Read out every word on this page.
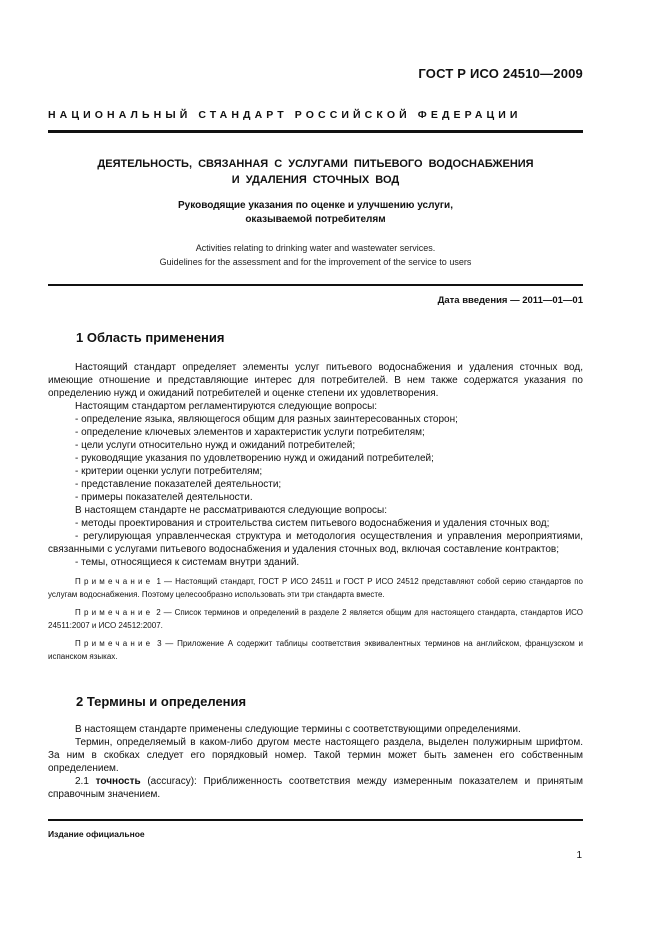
ГОСТ Р ИСО 24510—2009
НАЦИОНАЛЬНЫЙ СТАНДАРТ РОССИЙСКОЙ ФЕДЕРАЦИИ
ДЕЯТЕЛЬНОСТЬ, СВЯЗАННАЯ С УСЛУГАМИ ПИТЬЕВОГО ВОДОСНАБЖЕНИЯ
И УДАЛЕНИЯ СТОЧНЫХ ВОД
Руководящие указания по оценке и улучшению услуги,
оказываемой потребителям
Activities relating to drinking water and wastewater services.
Guidelines for the assessment and for the improvement of the service to users
Дата введения — 2011—01—01
1 Область применения

Настоящий стандарт определяет элементы услуг питьевого водоснабжения и удаления сточных вод, имеющие отношение и представляющие интерес для потребителей. В нем также содержатся указания по определению нужд и ожиданий потребителей и оценке степени их удовлетворения.

Настоящим стандартом регламентируются следующие вопросы:

- определение языка, являющегося общим для разных заинтересованных сторон;

- определение ключевых элементов и характеристик услуги потребителям;

- цели услуги относительно нужд и ожиданий потребителей;

- руководящие указания по удовлетворению нужд и ожиданий потребителей;

- критерии оценки услуги потребителям;

- представление показателей деятельности;

- примеры показателей деятельности.

В настоящем стандарте не рассматриваются следующие вопросы:

- методы проектирования и строительства систем питьевого водоснабжения и удаления сточных вод;

- регулирующая управленческая структура и методология осуществления и управления мероприятиями, связанными с услугами питьевого водоснабжения и удаления сточных вод, включая составление контрактов;

- темы, относящиеся к системам внутри зданий.

Примечание 1 — Настоящий стандарт, ГОСТ Р ИСО 24511 и ГОСТ Р ИСО 24512 представляют собой серию стандартов по услугам водоснабжения. Поэтому целесообразно использовать эти три стандарта вместе.

Примечание 2 — Список терминов и определений в разделе 2 является общим для настоящего стандарта, стандартов ИСО 24511:2007 и ИСО 24512:2007.

Примечание 3 — Приложение А содержит таблицы соответствия эквивалентных терминов на английском, французском и испанском языках.

2 Термины и определения

В настоящем стандарте применены следующие термины с соответствующими определениями.

Термин, определяемый в каком-либо другом месте настоящего раздела, выделен полужирным шрифтом. За ним в скобках следует его порядковый номер. Такой термин может быть заменен его собственным определением.

2.1 точность (accuracy): Приближенность соответствия между измеренным показателем и принятым справочным значением.

Издание официальное
1
